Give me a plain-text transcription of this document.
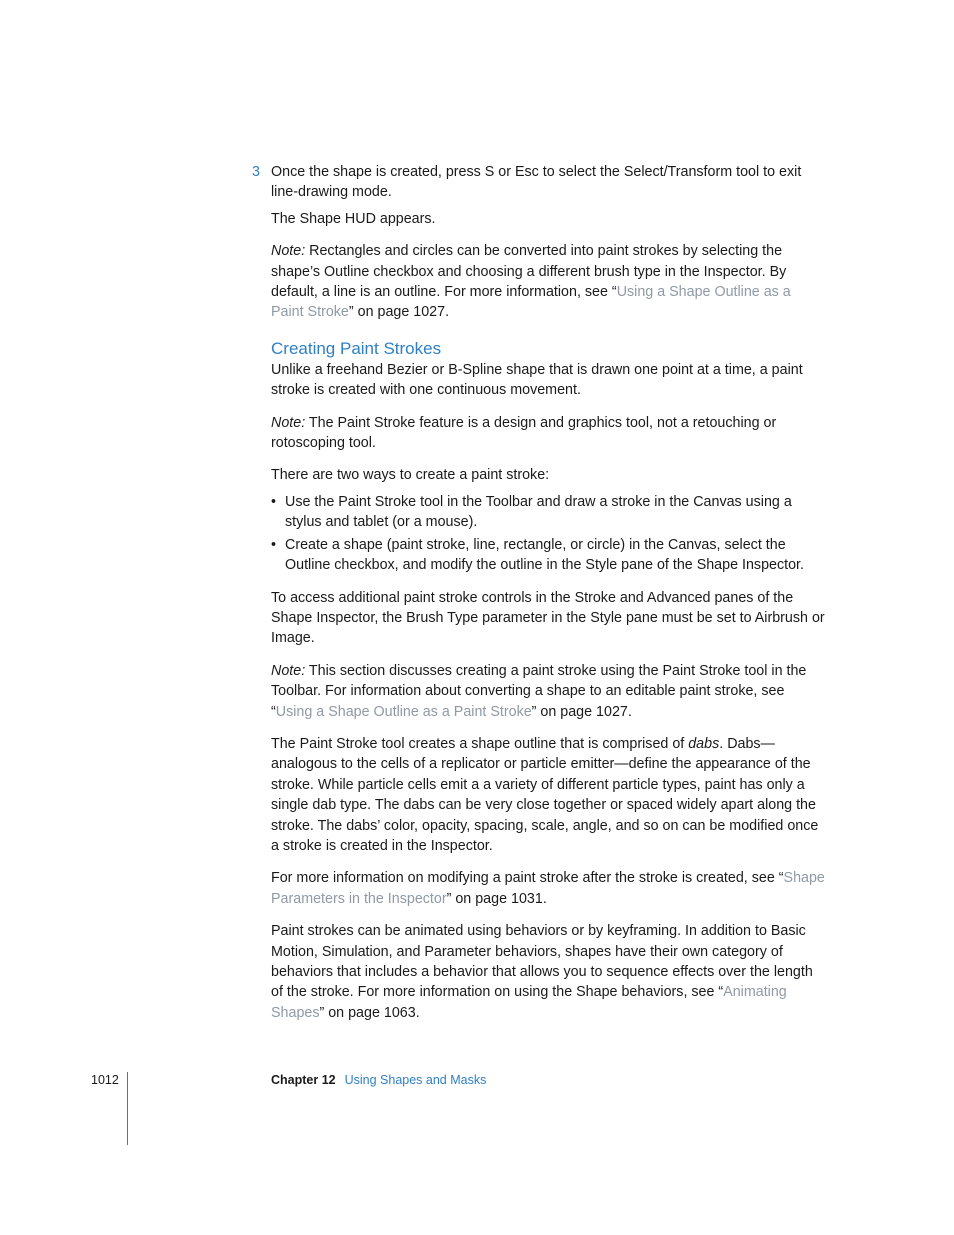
3 Once the shape is created, press S or Esc to select the Select/Transform tool to exit line-drawing mode.

The Shape HUD appears.

Note: Rectangles and circles can be converted into paint strokes by selecting the shape’s Outline checkbox and choosing a different brush type in the Inspector. By default, a line is an outline. For more information, see “Using a Shape Outline as a Paint Stroke” on page 1027.

Creating Paint Strokes

Unlike a freehand Bezier or B-Spline shape that is drawn one point at a time, a paint stroke is created with one continuous movement.

Note: The Paint Stroke feature is a design and graphics tool, not a retouching or rotoscoping tool.

There are two ways to create a paint stroke:

• Use the Paint Stroke tool in the Toolbar and draw a stroke in the Canvas using a stylus and tablet (or a mouse).
• Create a shape (paint stroke, line, rectangle, or circle) in the Canvas, select the Outline checkbox, and modify the outline in the Style pane of the Shape Inspector.

To access additional paint stroke controls in the Stroke and Advanced panes of the Shape Inspector, the Brush Type parameter in the Style pane must be set to Airbrush or Image.

Note: This section discusses creating a paint stroke using the Paint Stroke tool in the Toolbar. For information about converting a shape to an editable paint stroke, see “Using a Shape Outline as a Paint Stroke” on page 1027.

The Paint Stroke tool creates a shape outline that is comprised of dabs. Dabs—analogous to the cells of a replicator or particle emitter—define the appearance of the stroke. While particle cells emit a a variety of different particle types, paint has only a single dab type. The dabs can be very close together or spaced widely apart along the stroke. The dabs’ color, opacity, spacing, scale, angle, and so on can be modified once a stroke is created in the Inspector.

For more information on modifying a paint stroke after the stroke is created, see “Shape Parameters in the Inspector” on page 1031.

Paint strokes can be animated using behaviors or by keyframing. In addition to Basic Motion, Simulation, and Parameter behaviors, shapes have their own category of behaviors that includes a behavior that allows you to sequence effects over the length of the stroke. For more information on using the Shape behaviors, see “Animating Shapes” on page 1063.

1012	Chapter 12 Using Shapes and Masks
